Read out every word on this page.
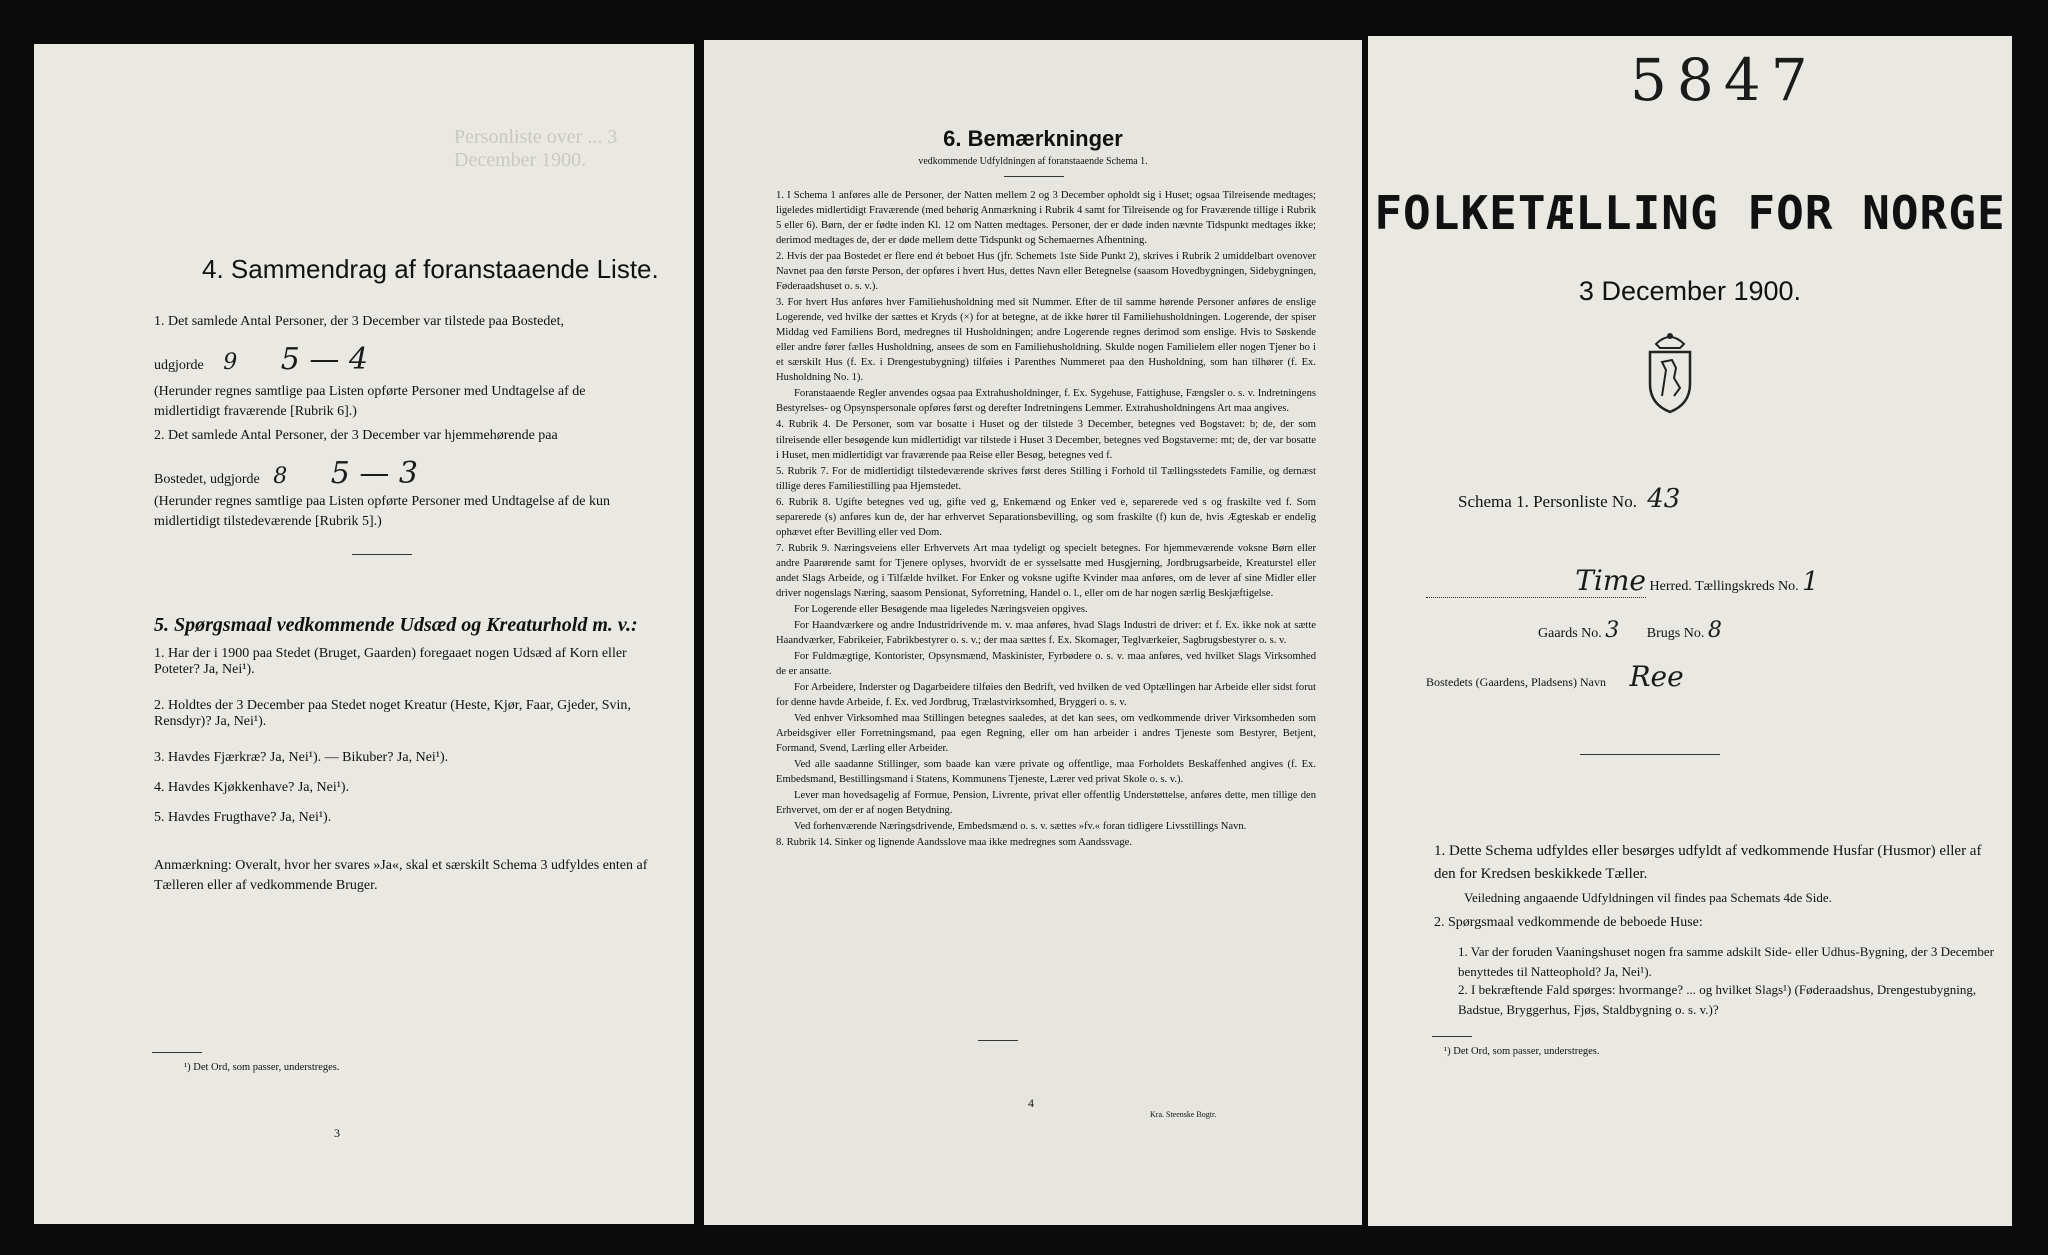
Personliste over ... 3 December 1900.
4. Sammendrag af foranstaaende Liste.
1. Det samlede Antal Personer, der 3 December var tilstede paa Bostedet,
udgjorde 9 5 — 4
(Herunder regnes samtlige paa Listen opførte Personer med Undtagelse af de midlertidigt fraværende [Rubrik 6].)
2. Det samlede Antal Personer, der 3 December var hjemmehørende paa
Bostedet, udgjorde 8 5 — 3
(Herunder regnes samtlige paa Listen opførte Personer med Undtagelse af de kun midlertidigt tilstedeværende [Rubrik 5].)
5. Spørgsmaal vedkommende Udsæd og Kreaturhold m. v.:
1. Har der i 1900 paa Stedet (Bruget, Gaarden) foregaaet nogen Udsæd af Korn eller Poteter? Ja, Nei¹).
2. Holdtes der 3 December paa Stedet noget Kreatur (Heste, Kjør, Faar, Gjeder, Svin, Rensdyr)? Ja, Nei¹).
3. Havdes Fjærkræ? Ja, Nei¹). — Bikuber? Ja, Nei¹).
4. Havdes Kjøkkenhave? Ja, Nei¹).
5. Havdes Frugthave? Ja, Nei¹).
Anmærkning: Overalt, hvor her svares »Ja«, skal et særskilt Schema 3 udfyldes enten af Tælleren eller af vedkommende Bruger.
¹) Det Ord, som passer, understreges.
3
6. Bemærkninger
vedkommende Udfyldningen af foranstaaende Schema 1.

1. I Schema 1 anføres alle de Personer, der Natten mellem 2 og 3 December opholdt sig i Huset; ogsaa Tilreisende medtages; ligeledes midlertidigt Fraværende (med behørig Anmærkning i Rubrik 4 samt for Tilreisende og for Fraværende tillige i Rubrik 5 eller 6). Børn, der er fødte inden Kl. 12 om Natten medtages. Personer, der er døde inden nævnte Tidspunkt medtages ikke; derimod medtages de, der er døde mellem dette Tidspunkt og Schemaernes Afhentning.

2. Hvis der paa Bostedet er flere end ét beboet Hus (jfr. Schemets 1ste Side Punkt 2), skrives i Rubrik 2 umiddelbart ovenover Navnet paa den første Person, der opføres i hvert Hus, dettes Navn eller Betegnelse (saasom Hovedbygningen, Sidebygningen, Føderaadshuset o. s. v.).

3. For hvert Hus anføres hver Familiehusholdning med sit Nummer. Efter de til samme hørende Personer anføres de enslige Logerende, ved hvilke der sættes et Kryds (×) for at betegne, at de ikke hører til Familiehusholdningen. Logerende, der spiser Middag ved Familiens Bord, medregnes til Husholdningen; andre Logerende regnes derimod som enslige. Hvis to Søskende eller andre fører fælles Husholdning, ansees de som en Familiehusholdning. Skulde nogen Familielem eller nogen Tjener bo i et særskilt Hus (f. Ex. i Drengestubygning) tilføies i Parenthes Nummeret paa den Husholdning, som han tilhører (f. Ex. Husholdning No. 1).

Foranstaaende Regler anvendes ogsaa paa Extrahusholdninger, f. Ex. Sygehuse, Fattighuse, Fængsler o. s. v. Indretningens Bestyrelses- og Opsynspersonale opføres først og derefter Indretningens Lemmer. Extrahusholdningens Art maa angives.

4. Rubrik 4. De Personer, som var bosatte i Huset og der tilstede 3 December, betegnes ved Bogstavet: b; de, der som tilreisende eller besøgende kun midlertidigt var tilstede i Huset 3 December, betegnes ved Bogstaverne: mt; de, der var bosatte i Huset, men midlertidigt var fraværende paa Reise eller Besøg, betegnes ved f.

5. Rubrik 7. For de midlertidigt tilstedeværende skrives først deres Stilling i Forhold til Tællingsstedets Familie, og dernæst tillige deres Familiestilling paa Hjemstedet.

6. Rubrik 8. Ugifte betegnes ved ug, gifte ved g, Enkemænd og Enker ved e, separerede ved s og fraskilte ved f. Som separerede (s) anføres kun de, der har erhvervet Separationsbevilling, og som fraskilte (f) kun de, hvis Ægteskab er endelig ophævet efter Bevilling eller ved Dom.

7. Rubrik 9. Næringsveiens eller Erhvervets Art maa tydeligt og specielt betegnes. For hjemmeværende voksne Børn eller andre Paarørende samt for Tjenere oplyses, hvorvidt de er sysselsatte med Husgjerning, Jordbrugsarbeide, Kreaturstel eller andet Slags Arbeide, og i Tilfælde hvilket. For Enker og voksne ugifte Kvinder maa anføres, om de lever af sine Midler eller driver nogenslags Næring, saasom Pensionat, Syforretning, Handel o. l., eller om de har nogen særlig Beskjæftigelse.

For Logerende eller Besøgende maa ligeledes Næringsveien opgives.

For Haandværkere og andre Industridrivende m. v. maa anføres, hvad Slags Industri de driver: et f. Ex. ikke nok at sætte Haandværker, Fabrikeier, Fabrikbestyrer o. s. v.; der maa sættes f. Ex. Skomager, Teglværkeier, Sagbrugsbestyrer o. s. v.

For Fuldmægtige, Kontorister, Opsynsmænd, Maskinister, Fyrbødere o. s. v. maa anføres, ved hvilket Slags Virksomhed de er ansatte.

For Arbeidere, Inderster og Dagarbeidere tilføies den Bedrift, ved hvilken de ved Optællingen har Arbeide eller sidst forut for denne havde Arbeide, f. Ex. ved Jordbrug, Trælastvirksomhed, Bryggeri o. s. v.

Ved enhver Virksomhed maa Stillingen betegnes saaledes, at det kan sees, om vedkommende driver Virksomheden som Arbeidsgiver eller Forretningsmand, paa egen Regning, eller om han arbeider i andres Tjeneste som Bestyrer, Betjent, Formand, Svend, Lærling eller Arbeider.

Ved alle saadanne Stillinger, som baade kan være private og offentlige, maa Forholdets Beskaffenhed angives (f. Ex. Embedsmand, Bestillingsmand i Statens, Kommunens Tjeneste, Lærer ved privat Skole o. s. v.).

Lever man hovedsagelig af Formue, Pension, Livrente, privat eller offentlig Understøttelse, anføres dette, men tillige den Erhvervet, om der er af nogen Betydning.

Ved forhenværende Næringsdrivende, Embedsmænd o. s. v. sættes »fv.« foran tidligere Livsstillings Navn.

8. Rubrik 14. Sinker og lignende Aandsslove maa ikke medregnes som Aandssvage.

4
Kra. Steenske Bogtr.
5847
FOLKETÆLLING FOR NORGE
3 December 1900.
Schema 1. Personliste No. 43
Time Herred. Tællingskreds No. 1
Gaards No. 3 Brugs No. 8
Bostedets (Gaardens, Pladsens) Navn Ree
1. Dette Schema udfyldes eller besørges udfyldt af vedkommende Husfar (Husmor) eller af den for Kredsen beskikkede Tæller.
Veiledning angaaende Udfyldningen vil findes paa Schemats 4de Side.
2. Spørgsmaal vedkommende de beboede Huse:
1. Var der foruden Vaaningshuset nogen fra samme adskilt Side- eller Udhus-Bygning, der 3 December benyttedes til Natteophold? Ja, Nei¹).
2. I bekræftende Fald spørges: hvormange? ... og hvilket Slags¹) (Føderaadshus, Drengestubygning, Badstue, Bryggerhus, Fjøs, Staldbygning o. s. v.)?
¹) Det Ord, som passer, understreges.
